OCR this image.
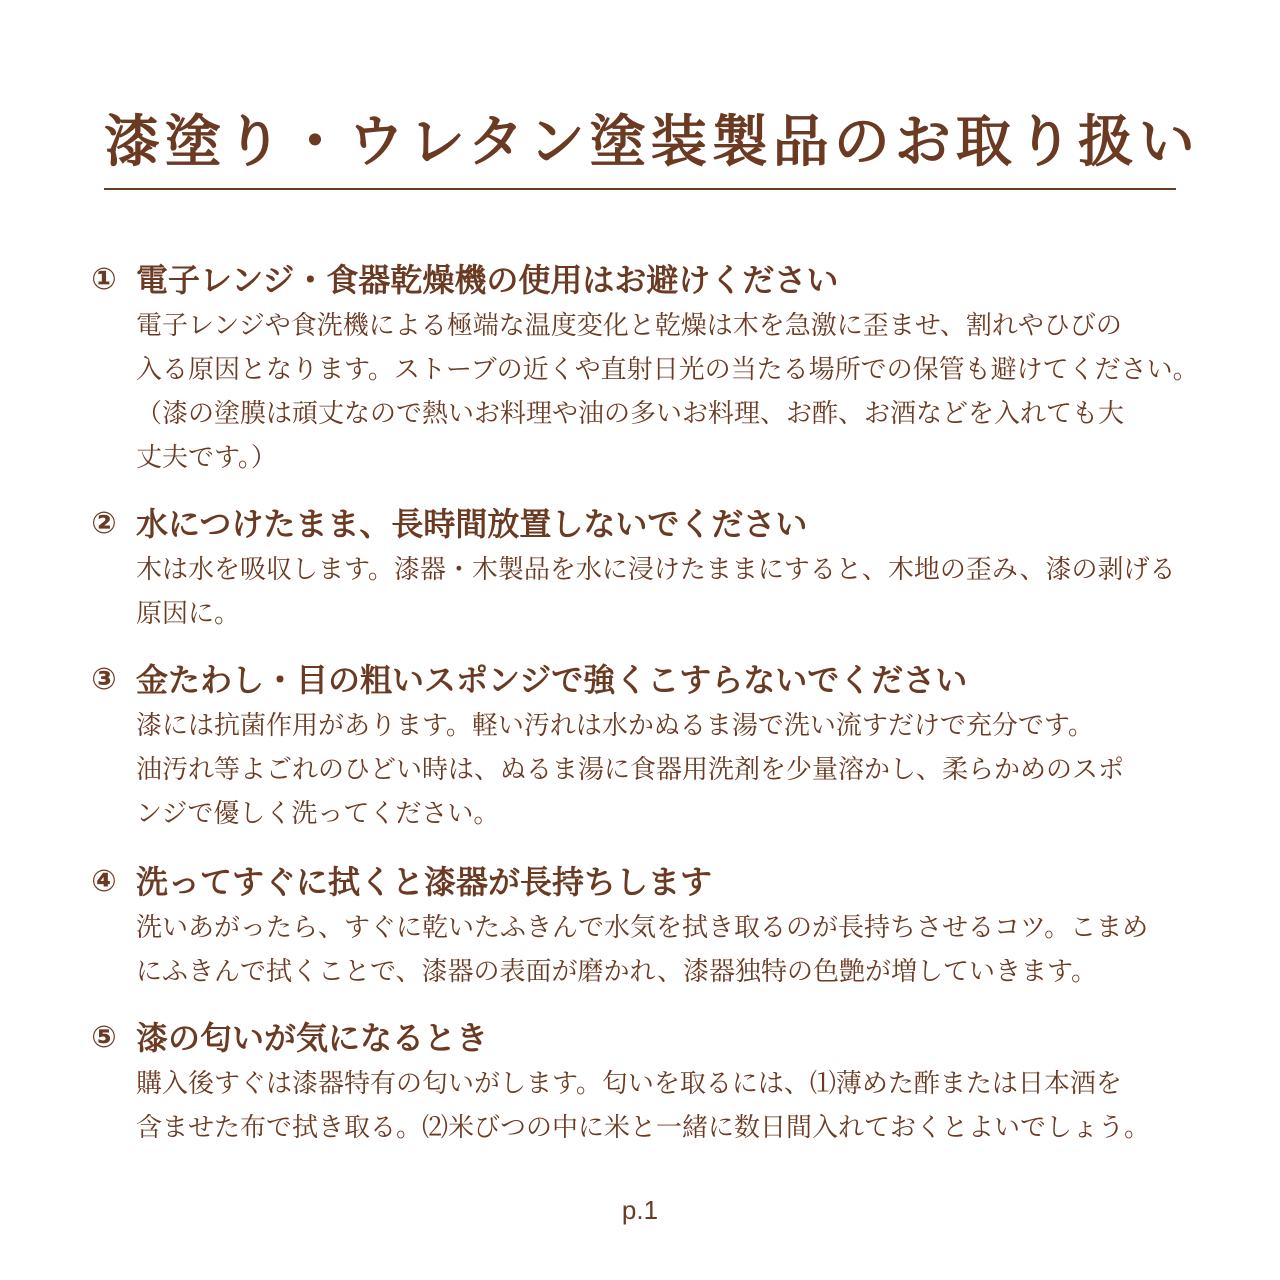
漆塗り・ウレタン塗装製品のお取り扱い
① 電子レンジ・食器乾燥機の使用はお避けください
電子レンジや食洗機による極端な温度変化と乾燥は木を急激に歪ませ、割れやひびの
入る原因となります。ストーブの近くや直射日光の当たる場所での保管も避けてください。
（漆の塗膜は頑丈なので熱いお料理や油の多いお料理、お酢、お酒などを入れても大
丈夫です。）
② 水につけたまま、長時間放置しないでください
木は水を吸収します。漆器・木製品を水に浸けたままにすると、木地の歪み、漆の剥げる
原因に。
③ 金たわし・目の粗いスポンジで強くこすらないでください
漆には抗菌作用があります。軽い汚れは水かぬるま湯で洗い流すだけで充分です。
油汚れ等よごれのひどい時は、ぬるま湯に食器用洗剤を少量溶かし、柔らかめのスポ
ンジで優しく洗ってください。
④ 洗ってすぐに拭くと漆器が長持ちします
洗いあがったら、すぐに乾いたふきんで水気を拭き取るのが長持ちさせるコツ。こまめ
にふきんで拭くことで、漆器の表面が磨かれ、漆器独特の色艶が増していきます。
⑤ 漆の匂いが気になるとき
購入後すぐは漆器特有の匂いがします。匂いを取るには、⑴薄めた酢または日本酒を
含ませた布で拭き取る。⑵米びつの中に米と一緒に数日間入れておくとよいでしょう。
p.1
